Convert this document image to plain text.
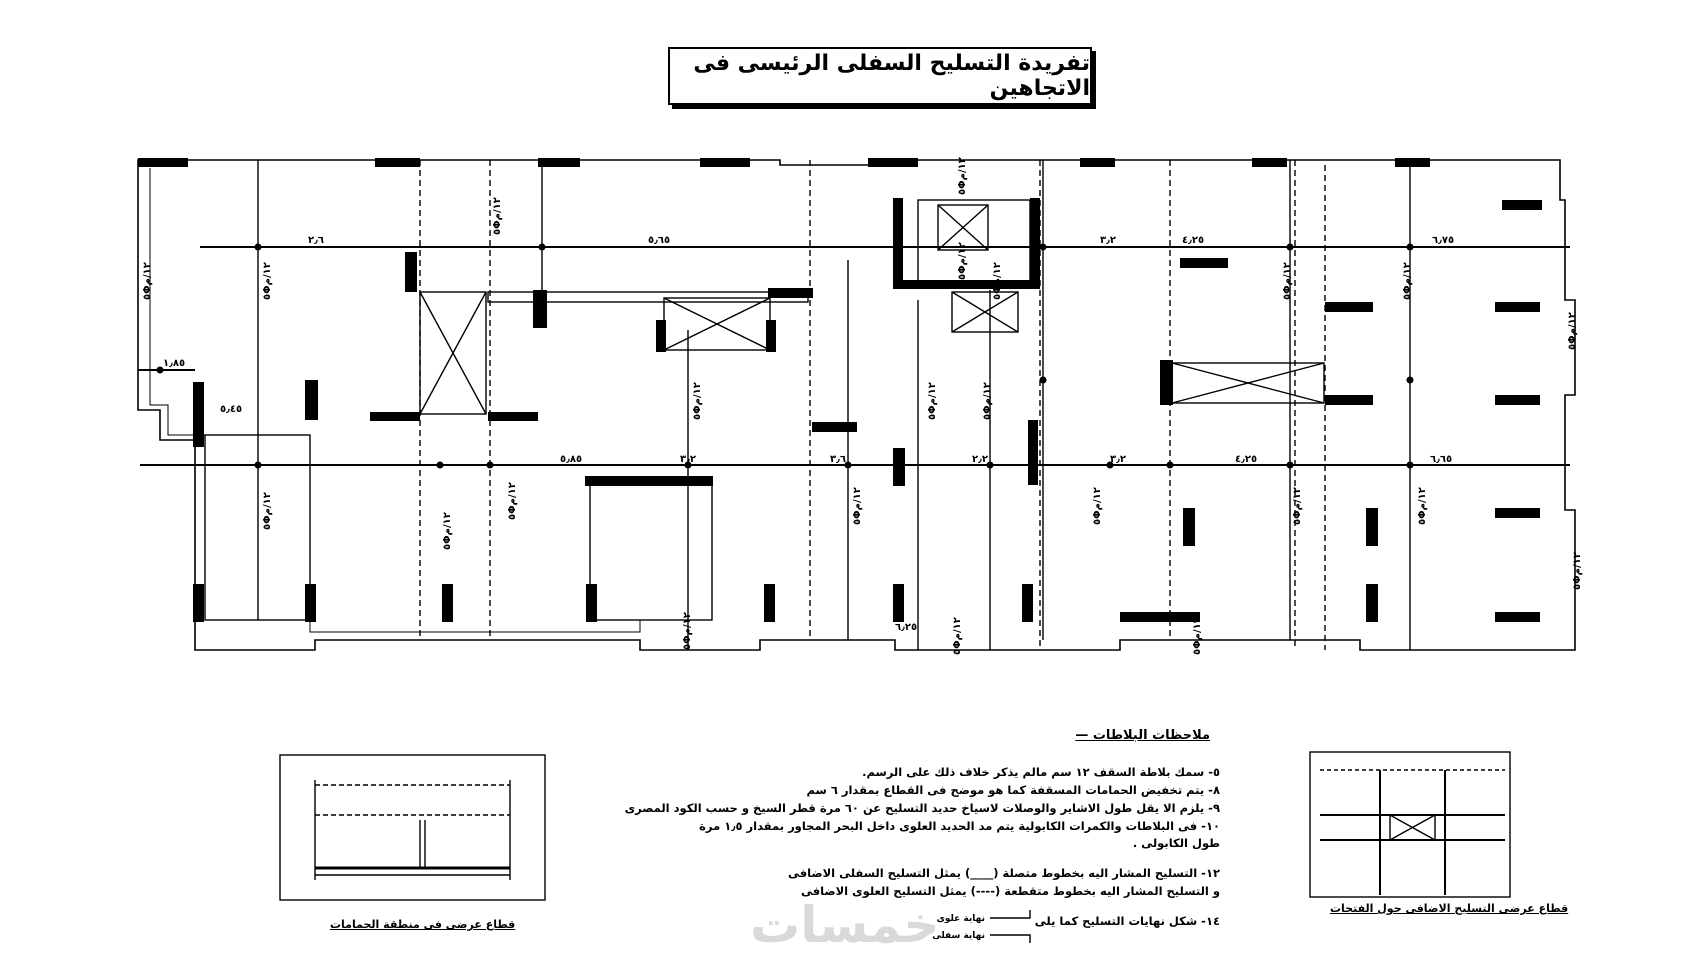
٦٫٧٥
٣٫٢	٤٫٢٥
٢٫٦	٥٫٦٥
٥٫٤٥
٥٫٨٥	٣٫٢	٣٫٦	٤٫٢٥
٢٫٢	٣٫٢
٦٫٢٥
٦٫٦٥
١٫٨٥
٥Φ١٢/م
٥Φ١٢/م
٥Φ١٢/م
٥Φ١٢/م
٥Φ١٢/م
٥Φ١٢/م
٥Φ١٢/م
٥Φ١٢/م
٥Φ١٢/م
٥Φ١٢/م
٥Φ١٢/م
٥Φ١٢/م
٥Φ١٢/م
٥Φ١٢/م	٥Φ١٢/م
٥Φ١٢/م
٥Φ١٢/م
٥Φ١٢/م
٥Φ١٢/م
٥Φ١٢/م
٥Φ١٢/م
٥Φ١٢/م
٥Φ١٢/م
نهاية علوى
نهاية سفلى
تفريدة التسليح السفلى الرئيسى فى الاتجاهين
ملاحظات البلاطات —
٥- سمك بلاطة السقف ١٢ سم مالم يذكر خلاف ذلك على الرسم.
٨- يتم تخفيض الحمامات المسقفة كما هو موضح فى القطاع بمقدار ٦ سم
٩- يلزم الا يقل طول الاشاير والوصلات لاسياخ حديد التسليح عن ٦٠ مرة قطر السيخ و حسب الكود المصرى
١٠- فى البلاطات والكمرات الكابولية يتم مد الحديد العلوى داخل البحر المجاور بمقدار ١٫٥ مرة
طول الكابولى .
١٢- التسليح المشار اليه بخطوط متصلة (____) يمثل التسليح السفلى الاضافى
و التسليح المشار اليه بخطوط متقطعة (----) يمثل التسليح العلوى الاضافى
١٤- شكل نهايات التسليح كما يلى
قطاع عرضى فى منطقة الحمامات
قطاع عرضى التسليح الاضافى حول الفتحات
خمسات
